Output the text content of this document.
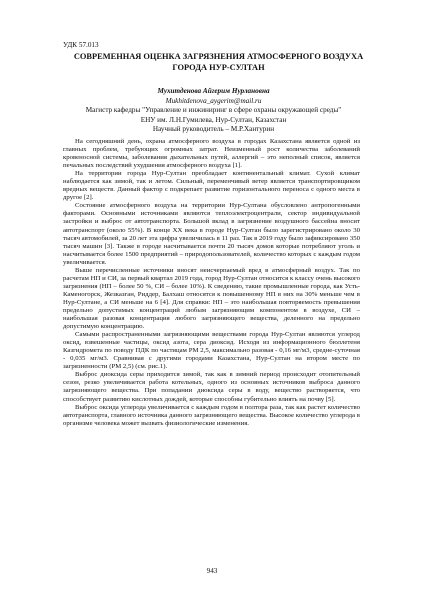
УДК 57.013
СОВРЕМЕННАЯ ОЦЕНКА ЗАГРЯЗНЕНИЯ АТМОСФЕРНОГО ВОЗДУХА ГОРОДА НУР-СУЛТАН
Мухитденова Айгерим Нурлановна
Mukhitdenova_aygerim@mail.ru
Магистр кафедры "Управление и инжиниринг в сфере охраны окружающей среды"
ЕНУ им. Л.Н.Гумилева, Нур-Султан, Казахстан
Научный руководитель – М.Р.Хантурин

На сегодняшний день, охрана атмосферного воздуха в городах Казахстана является одной из главных проблем, требующих огромных затрат. Неизменный рост количества заболеваний кровеносной системы, заболевания дыхательных путей, аллергий – это неполный список, является печальных последствий ухудшения атмосферного воздуха [1].

На территории города Нур-Султан преобладает континентальный климат. Сухой климат наблюдается как зимой, так и летом. Сильный, переменчивый ветер является транспортировщиком вредных веществ. Данный фактор с подкрепает развитие горизонтального переноса с одного места в другое [2].

Состояние атмосферного воздуха на территории Нур-Султана обусловлено антропогенными факторами. Основными источниками являются теплоэлектроцентрали, сектор индивидуальной застройки и выброс от автотранспорта. Большой вклад в загрязнение воздушного бассейна вносит автотранспорт (около 55%). В конце XX века в городе Нур-Султан было зарегистрировано около 30 тысяч автомобилей, за 20 лет эта цифра увеличилась в 11 раз. Так в 2019 году было зафиксировано 350 тысяч машин [3]. Также в городе насчитывается почти 20 тысяч домов которые потребляют уголь и насчитывается более 1500 предприятий – природопользователей, количество которых с каждым годом увеличивается.

Выше перечисленные источники вносят неисчерпаемый вред в атмосферный воздух. Так по расчетам НП и СИ, за первый квартал 2019 года, город Нур-Султан относится к классу очень высокого загрязнения (НП – более 50 %, СИ – более 10%). К сведению, такие промышленные города, как Усть-Каменогорск, Жезказган, Риддер, Балхаш относятся к повышенному НП в них на 30% меньше чем в Нур-Султане, а СИ меньше на 6 [4]. Для справки: НП – это наибольшая повторяемость превышения предельно допустимых концентраций любым загрязняющим компонентом в воздухе, СИ – наибольшая разовая концентрация любого загрязняющего вещества, деленного на предельно допустимую концентрацию.

Самыми распространенными загрязняющими веществами города Нур-Султан являются углерод оксид, взвешенные частицы, оксид азота, сера диоксид. Исходя из информационного бюллетеня Казгидромета по поводу ПДК по частицам РМ 2,5, максимально разовая - 0,16 мг/м3, средне-суточная - 0,035 мг/м3. Сравнивая с другими городами Казахстана, Нур-Султан на втором месте по загрязненности (РМ 2,5) (см. рис.1).

Выброс диоксида серы приходится зимой, так как в зимний период происходит отопительный сезон, резко увеличивается работа котельных, одного из основных источников выброса данного загрязняющего вещества. При попадании диоксида серы в воду, вещество растворяется, что способствует развитию кислотных дождей, которые способны губительно влиять на почву [5].

Выброс оксида углерода увеличивается с каждым годом в полтора раза, так как растет количество автотранспорта, главного источника данного загрязняющего вещества. Высокое количество углерода в организме человека может вызвать физиологические изменения.

943
